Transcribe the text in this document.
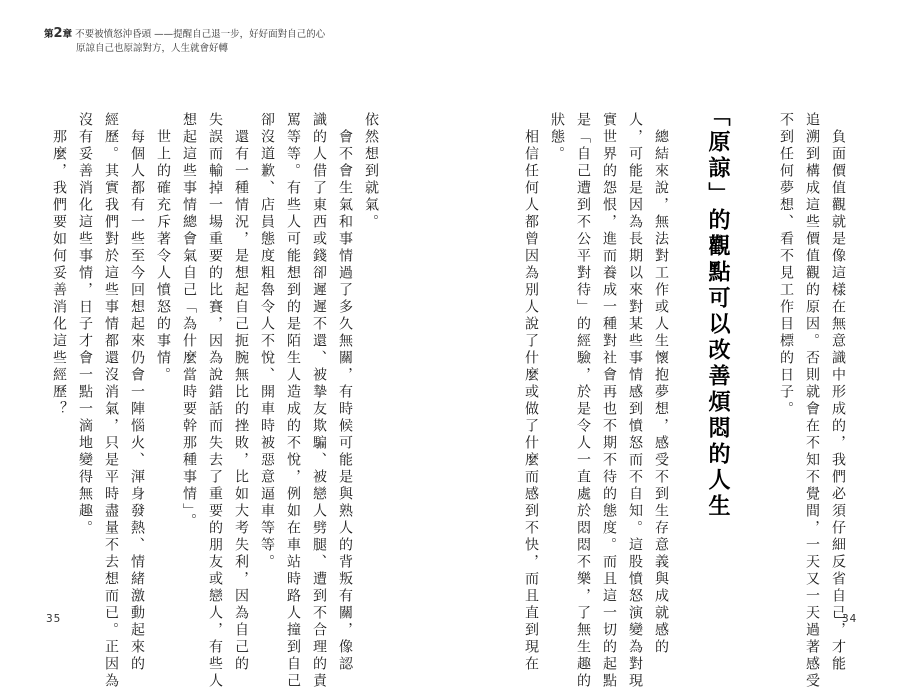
第2章 不要被憤怒沖昏頭 ——提醒自己退一步，好好面對自己的心
原諒自己也原諒對方，人生就會好轉
　負面價值觀就是像這樣在無意識中形成的，我們必須仔細反省自己，才能
追溯到構成這些價值觀的原因。否則就會在不知不覺間，一天又一天過著感受
不到任何夢想、看不見工作目標的日子。
「原諒」的觀點可以改善煩悶的人生
　總結來說，無法對工作或人生懷抱夢想，感受不到生存意義與成就感的
人，可能是因為長期以來對某些事情感到憤怒而不自知。這股憤怒演變為對現
實世界的怨恨，進而養成一種對社會再也不期不待的態度。而且這一切的起點
是「自己遭到不公平對待」的經驗，於是令人一直處於悶悶不樂，了無生趣的
狀態。
　相信任何人都曾因為別人說了什麼或做了什麼而感到不快，而且直到現在
依然想到就氣。
　會不會生氣和事情過了多久無關，有時候可能是與熟人的背叛有關，像認
識的人借了東西或錢卻遲遲不還、被摯友欺騙、被戀人劈腿、遭到不合理的責
罵等等。有些人可能想到的是陌生人造成的不悅，例如在車站時路人撞到自己
卻沒道歉、店員態度粗魯令人不悅、開車時被惡意逼車等等。
　還有一種情況，是想起自己扼腕無比的挫敗，比如大考失利，因為自己的
失誤而輸掉一場重要的比賽，因為說錯話而失去了重要的朋友或戀人，有些人
想起這些事情總會氣自己「為什麼當時要幹那種事情」。
　世上的確充斥著令人憤怒的事情。
　每個人都有一些至今回想起來仍會一陣惱火、渾身發熱、情緒激動起來的
經歷。其實我們對於這些事情都還沒消氣，只是平時盡量不去想而已。正因為
沒有妥善消化這些事情，日子才會一點一滴地變得無趣。
　那麼，我們要如何妥善消化這些經歷？
35	34
